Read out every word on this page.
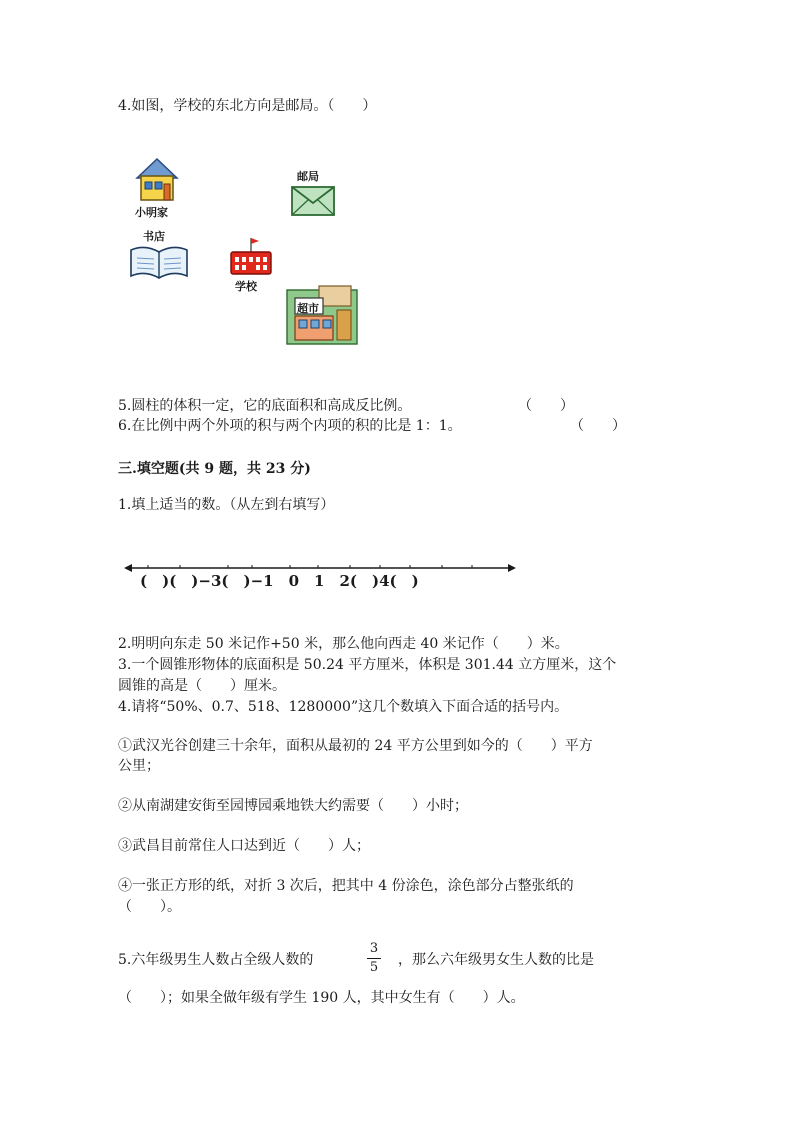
4.如图，学校的东北方向是邮局。（　　）
小明家
邮局
书店
学校
超市
5.圆柱的体积一定，它的底面积和高成反比例。	（　　）
6.在比例中两个外项的积与两个内项的积的比是 1：1。	（　　）
三.填空题(共 9 题，共 23 分)
1.填上适当的数。（从左到右填写）
(　)(　)−3(　)−1　0　1　2(　)4(　)
2.明明向东走 50 米记作+50 米，那么他向西走 40 米记作（　　）米。
3.一个圆锥形物体的底面积是 50.24 平方厘米，体积是 301.44 立方厘米，这个
圆锥的高是（　　）厘米。
4.请将“50%、0.7、518、1280000”这几个数填入下面合适的括号内。
①武汉光谷创建三十余年，面积从最初的 24 平方公里到如今的（　　）平方
公里；
②从南湖建安街至园博园乘地铁大约需要（　　）小时；
③武昌目前常住人口达到近（　　）人；
④一张正方形的纸，对折 3 次后，把其中 4 份涂色，涂色部分占整张纸的
（　　）。
5.六年级男生人数占全级人数的
3
5 ，那么六年级男女生人数的比是
（　　）；如果全做年级有学生 190 人，其中女生有（　　）人。
